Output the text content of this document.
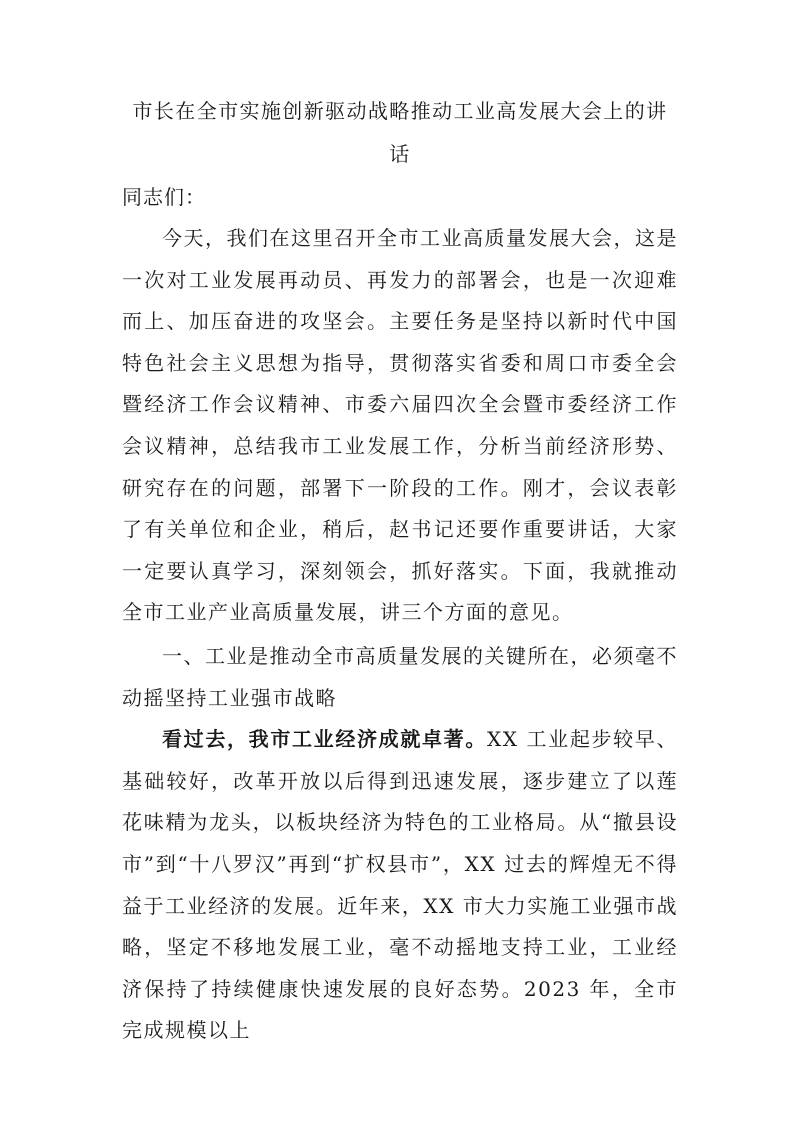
市长在全市实施创新驱动战略推动工业高发展大会上的讲话

同志们：

今天，我们在这里召开全市工业高质量发展大会，这是一次对工业发展再动员、再发力的部署会，也是一次迎难而上、加压奋进的攻坚会。主要任务是坚持以新时代中国特色社会主义思想为指导，贯彻落实省委和周口市委全会暨经济工作会议精神、市委六届四次全会暨市委经济工作会议精神，总结我市工业发展工作，分析当前经济形势、研究存在的问题，部署下一阶段的工作。刚才，会议表彰了有关单位和企业，稍后，赵书记还要作重要讲话，大家一定要认真学习，深刻领会，抓好落实。下面，我就推动全市工业产业高质量发展，讲三个方面的意见。

一、工业是推动全市高质量发展的关键所在，必须毫不动摇坚持工业强市战略

看过去，我市工业经济成就卓著。XX 工业起步较早、基础较好，改革开放以后得到迅速发展，逐步建立了以莲花味精为龙头，以板块经济为特色的工业格局。从“撤县设市”到“十八罗汉”再到“扩权县市”，XX 过去的辉煌无不得益于工业经济的发展。近年来，XX 市大力实施工业强市战略，坚定不移地发展工业，毫不动摇地支持工业，工业经济保持了持续健康快速发展的良好态势。2023 年，全市完成规模以上
